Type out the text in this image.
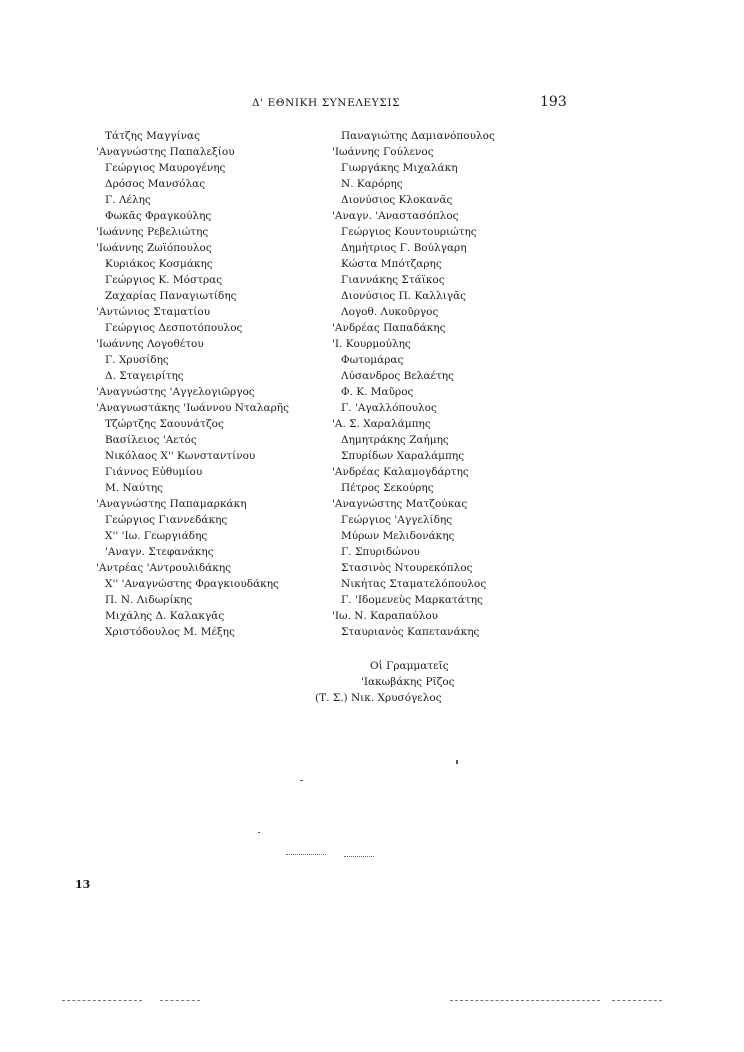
Δ' ΕΘΝΙΚΗ ΣΥΝΕΛΕΥΣΙΣ	193
Τάτζης Μαγγίνας
'Αναγνώστης Παπαλεξίου
Γεώργιος Μαυρογένης
Δρόσος Μανσόλας
Γ. Λέλης
Φωκᾶς Φραγκούλης
'Ιωάννης Ρεβελιώτης
'Ιωάννης Ζωϊόπουλος
Κυριάκος Κοσμάκης
Γεώργιος Κ. Μόστρας
Ζαχαρίας Παναγιωτίδης
'Αντώνιος Σταματίου
Γεώργιος Δεσποτόπουλος
'Ιωάννης Λογοθέτου
Γ. Χρυσίδης
Δ. Σταγειρίτης
'Αναγνώστης 'Αγγελογιῶργος
'Αναγνωστάκης 'Ιωάννου Νταλαρῆς
Τζώρτζης Σαουνάτζος
Βασίλειος 'Αετός
Νικόλαος Χ'' Κωνσταντίνου
Γιάννος Εὐθυμίου
Μ. Ναύτης
'Αναγνώστης Παπαμαρκάκη
Γεώργιος Γιαννεδάκης
Χ'' 'Ιω. Γεωργιάδης
'Αναγν. Στεφανάκης
'Αντρέας 'Αντρουλιδάκης
Χ'' 'Αναγνώστης Φραγκιουδάκης
Π. Ν. Λιδωρίκης
Μιχάλης Δ. Καλακγᾶς
Χριστόδουλος Μ. Μέξης
Παναγιώτης Δαμιανόπουλος
'Ιωάννης Γούλενος
Γιωργάκης Μιχαλάκη
Ν. Καρόρης
Διονύσιος Κλοκανᾶς
'Αναγν. 'Αναστασόπλος
Γεώργιος Κουντουριώτης
Δημήτριος Γ. Βούλγαρη
Κώστα Μπότζαρης
Γιαννάκης Στάϊκος
Διονύσιος Π. Καλλιγᾶς
Λογοθ. Λυκοῦργος
'Ανδρέας Παπαδάκης
'Ι. Κουρμούλης
Φωτομάρας
Λύσανδρος Βελαέτης
Φ. Κ. Μαῦρος
Γ. 'Αγαλλόπουλος
'Α. Σ. Χαραλάμπης
Δημητράκης Ζαήμης
Σπυρίδων Χαραλάμπης
'Ανδρέας Καλαμογδάρτης
Πέτρος Σεκούρης
'Αναγνώστης Ματζούκας
Γεώργιος 'Αγγελίδης
Μύρων Μελιδονάκης
Γ. Σπυριδώνου
Στασινὸς Ντουρεκόπλος
Νικήτας Σταματελόπουλος
Γ. 'Ιδομενεὺς Μαρκατάτης
'Ιω. Ν. Καραπαύλου
Σταυριανὸς Καπετανάκης
Οἱ Γραμματεῖς
'Ιακωβάκης Ρῖζος
(Τ. Σ.) Νικ. Χρυσόγελος
13
